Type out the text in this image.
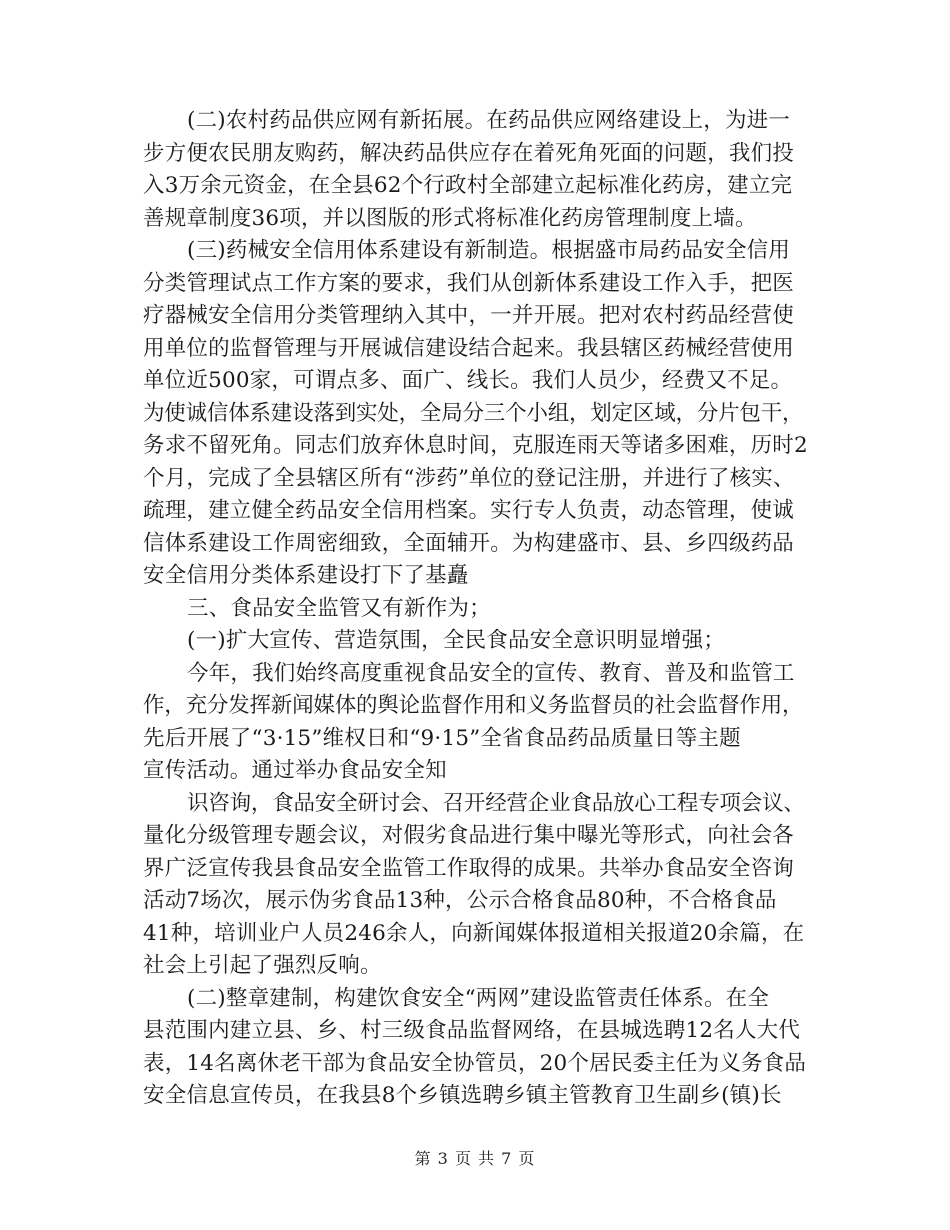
(二)农村药品供应网有新拓展。在药品供应网络建设上，为进一
步方便农民朋友购药，解决药品供应存在着死角死面的问题，我们投
入3万余元资金，在全县62个行政村全部建立起标准化药房，建立完
善规章制度36项，并以图版的形式将标准化药房管理制度上墙。
(三)药械安全信用体系建设有新制造。根据盛市局药品安全信用
分类管理试点工作方案的要求，我们从创新体系建设工作入手，把医
疗器械安全信用分类管理纳入其中，一并开展。把对农村药品经营使
用单位的监督管理与开展诚信建设结合起来。我县辖区药械经营使用
单位近500家，可谓点多、面广、线长。我们人员少，经费又不足。
为使诚信体系建设落到实处，全局分三个小组，划定区域，分片包干，
务求不留死角。同志们放弃休息时间，克服连雨天等诸多困难，历时2
个月，完成了全县辖区所有“涉药”单位的登记注册，并进行了核实、
疏理，建立健全药品安全信用档案。实行专人负责，动态管理，使诚
信体系建设工作周密细致，全面辅开。为构建盛市、县、乡四级药品
安全信用分类体系建设打下了基矗
三、食品安全监管又有新作为；
(一)扩大宣传、营造氛围，全民食品安全意识明显增强；
今年，我们始终高度重视食品安全的宣传、教育、普及和监管工
作，充分发挥新闻媒体的舆论监督作用和义务监督员的社会监督作用，
先后开展了“3·15”维权日和“9·15”全省食品药品质量日等主题
宣传活动。通过举办食品安全知
识咨询，食品安全研讨会、召开经营企业食品放心工程专项会议、
量化分级管理专题会议，对假劣食品进行集中曝光等形式，向社会各
界广泛宣传我县食品安全监管工作取得的成果。共举办食品安全咨询
活动7场次，展示伪劣食品13种，公示合格食品80种，不合格食品
41种，培训业户人员246余人，向新闻媒体报道相关报道20余篇，在
社会上引起了强烈反响。
(二)整章建制，构建饮食安全“两网”建设监管责任体系。在全
县范围内建立县、乡、村三级食品监督网络，在县城选聘12名人大代
表，14名离休老干部为食品安全协管员，20个居民委主任为义务食品
安全信息宣传员，在我县8个乡镇选聘乡镇主管教育卫生副乡(镇)长
第 3 页 共 7 页
